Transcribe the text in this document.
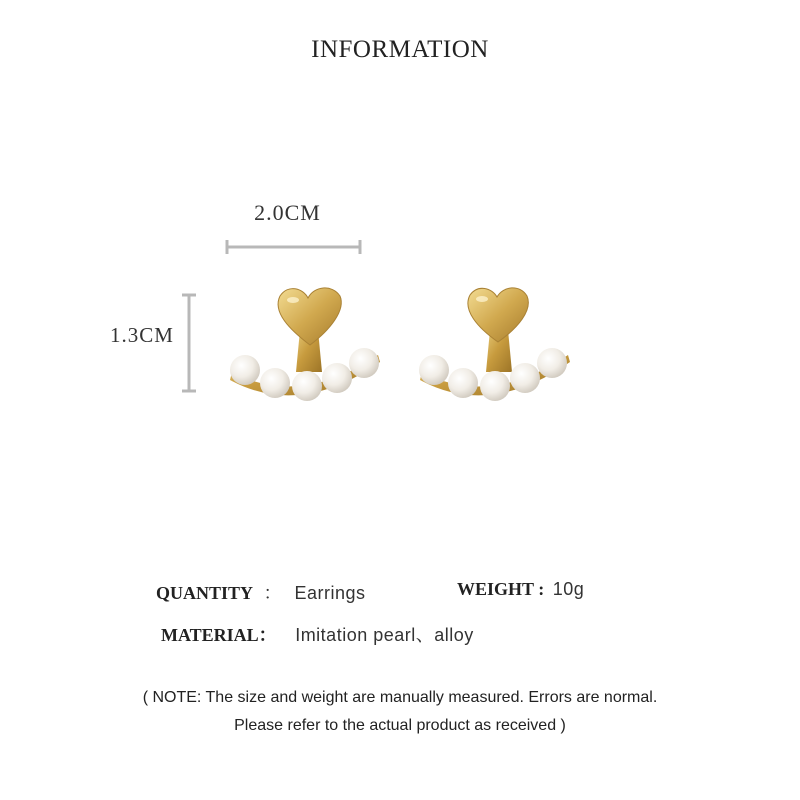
INFORMATION
2.0CM
1.3CM
QUANTITY ： Earrings	WEIGHT : 10g
MATERIAL： Imitation pearl、alloy
( NOTE: The size and weight are manually measured. Errors are normal.
Please refer to the actual product as received )
